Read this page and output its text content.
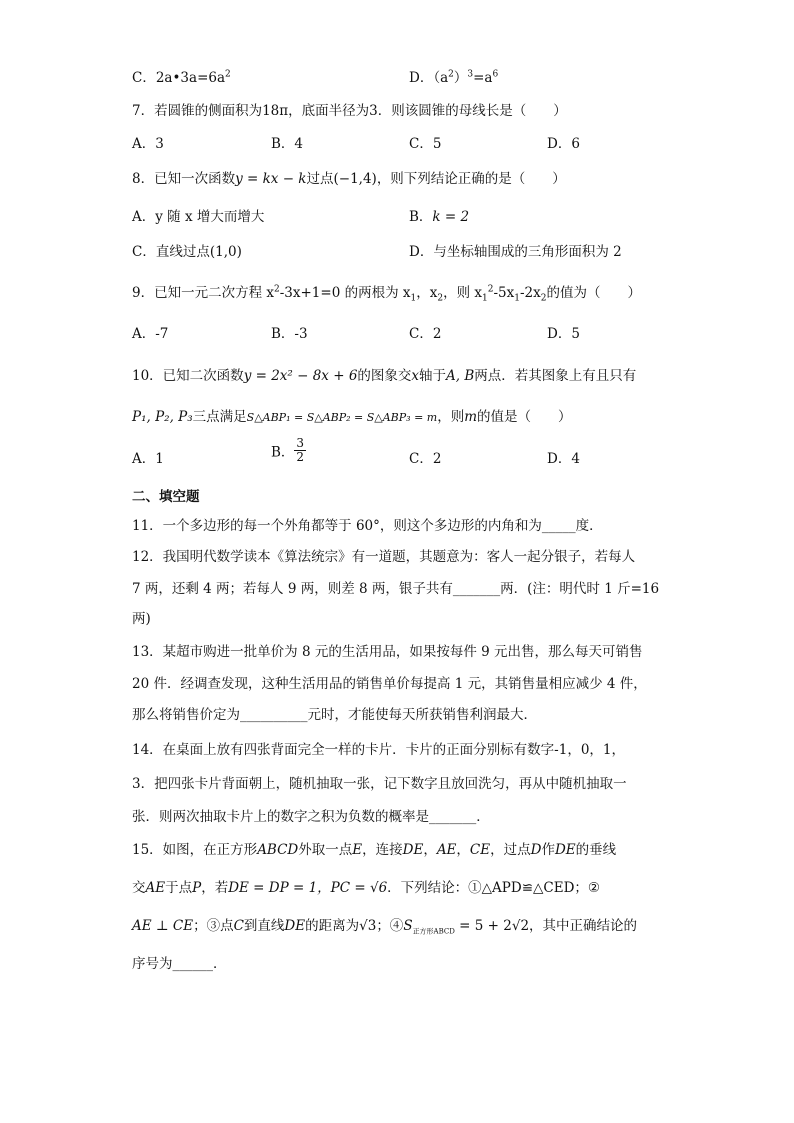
C．$2a•3a=6a^2$	D．$(a^2)^3=a^6$
7．若圆锥的侧面积为18π，底面半径为3．则该圆锥的母线长是（　　）
A．3	B．4	C．5	D．6
8．已知一次函数y = kx − k过点(−1,4)，则下列结论正确的是（　　）
A．y 随 x 增大而增大	B．k = 2
C．直线过点(1,0)	D．与坐标轴围成的三角形面积为 2
9．已知一元二次方程 $x^2-3x+1=0$ 的两根为 $x_1$，$x_2$，则 $x_1^2-5x_1-2x_2$的值为（　　）
A．-7	B．-3	C．2	D．5
10．已知二次函数y = 2x² − 8x + 6的图象交x轴于A, B两点．若其图象上有且只有
P₁, P₂, P₃三点满足S△ABP₁ = S△ABP₂ = S△ABP₃ = m，则m的值是（　　）
A．1	B． $\frac{3}{2}$	C．2	D．4
二、填空题
11．一个多边形的每一个外角都等于 60°，则这个多边形的内角和为_____度．
12．我国明代数学读本《算法统宗》有一道题，其题意为：客人一起分银子，若每人
7 两，还剩 4 两；若每人 9 两，则差 8 两，银子共有_______两．(注：明代时 1 斤=16
两)
13．某超市购进一批单价为 8 元的生活用品，如果按每件 9 元出售，那么每天可销售
20 件．经调查发现，这种生活用品的销售单价每提高 1 元，其销售量相应减少 4 件，
那么将销售价定为__________元时，才能使每天所获销售利润最大．
14．在桌面上放有四张背面完全一样的卡片．卡片的正面分别标有数字-1，0，1，
3．把四张卡片背面朝上，随机抽取一张，记下数字且放回洗匀，再从中随机抽取一
张．则两次抽取卡片上的数字之积为负数的概率是_______．
15．如图，在正方形ABCD外取一点E，连接DE，AE，CE，过点D作DE的垂线
交AE于点P，若DE = DP = 1，PC = √6．下列结论：①△APD≌△CED；②
AE ⊥ CE；③点C到直线DE的距离为√3；$④S_{正方形ABCD} = 5 + 2√2$，其中正确结论的
序号为______．
